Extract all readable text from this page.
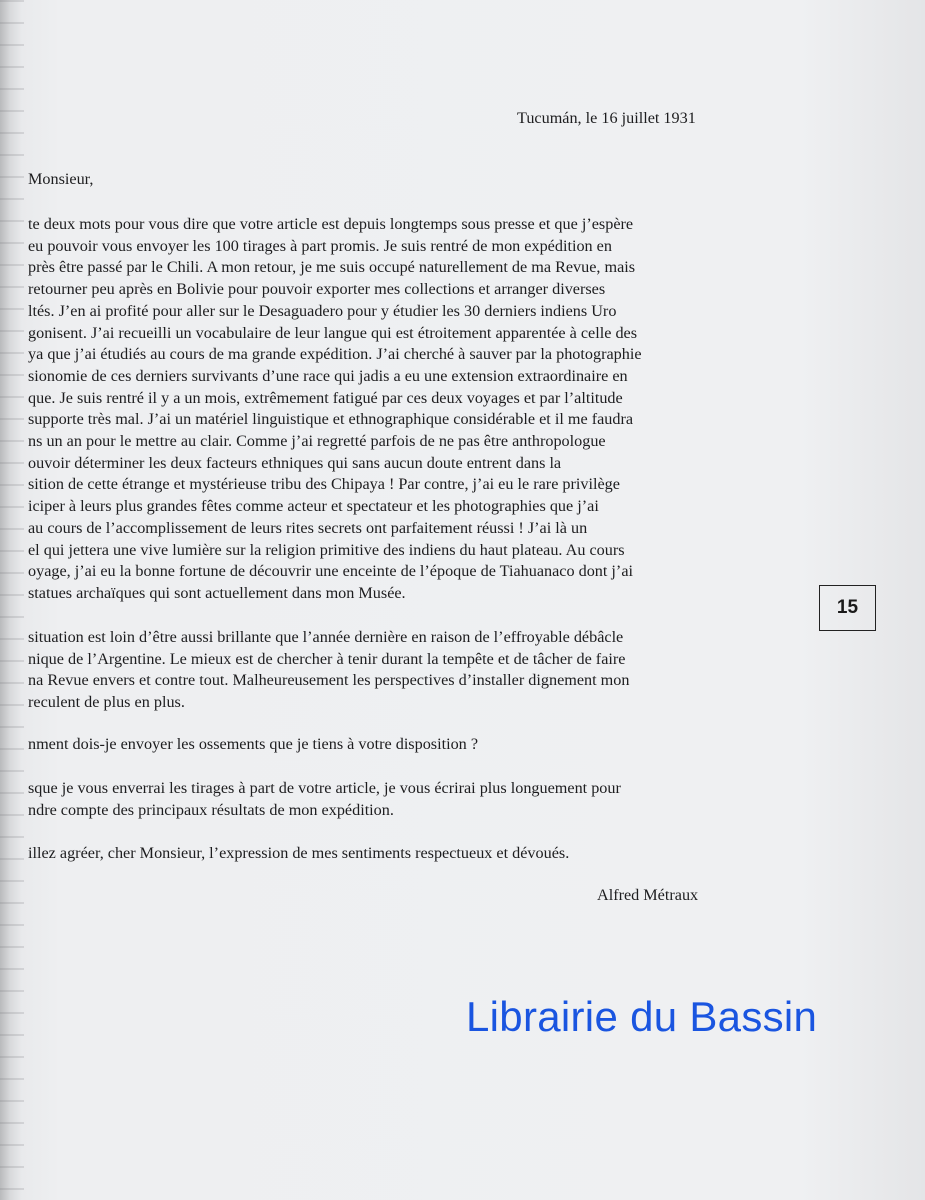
Tucumán, le 16 juillet 1931
Monsieur,
te deux mots pour vous dire que votre article est depuis longtemps sous presse et que j’espère
eu pouvoir vous envoyer les 100 tirages à part promis. Je suis rentré de mon expédition en
près être passé par le Chili. A mon retour, je me suis occupé naturellement de ma Revue, mais
retourner peu après en Bolivie pour pouvoir exporter mes collections et arranger diverses
ltés. J’en ai profité pour aller sur le Desaguadero pour y étudier les 30 derniers indiens Uro
gonisent. J’ai recueilli un vocabulaire de leur langue qui est étroitement apparentée à celle des
ya que j’ai étudiés au cours de ma grande expédition. J’ai cherché à sauver par la photographie
sionomie de ces derniers survivants d’une race qui jadis a eu une extension extraordinaire en
que. Je suis rentré il y a un mois, extrêmement fatigué par ces deux voyages et par l’altitude
supporte très mal. J’ai un matériel linguistique et ethnographique considérable et il me faudra
ns un an pour le mettre au clair. Comme j’ai regretté parfois de ne pas être anthropologue
ouvoir déterminer les deux facteurs ethniques qui sans aucun doute entrent dans la
sition de cette étrange et mystérieuse tribu des Chipaya ! Par contre, j’ai eu le rare privilège
iciper à leurs plus grandes fêtes comme acteur et spectateur et les photographies que j’ai
au cours de l’accomplissement de leurs rites secrets ont parfaitement réussi ! J’ai là un
el qui jettera une vive lumière sur la religion primitive des indiens du haut plateau. Au cours
oyage, j’ai eu la bonne fortune de découvrir une enceinte de l’époque de Tiahuanaco dont j’ai
statues archaïques qui sont actuellement dans mon Musée.
situation est loin d’être aussi brillante que l’année dernière en raison de l’effroyable débâcle
nique de l’Argentine. Le mieux est de chercher à tenir durant la tempête et de tâcher de faire
na Revue envers et contre tout. Malheureusement les perspectives d’installer dignement mon
reculent de plus en plus.
nment dois-je envoyer les ossements que je tiens à votre disposition ?
sque je vous enverrai les tirages à part de votre article, je vous écrirai plus longuement pour
ndre compte des principaux résultats de mon expédition.
illez agréer, cher Monsieur, l’expression de mes sentiments respectueux et dévoués.
Alfred Métraux
15
Librairie du Bassin
